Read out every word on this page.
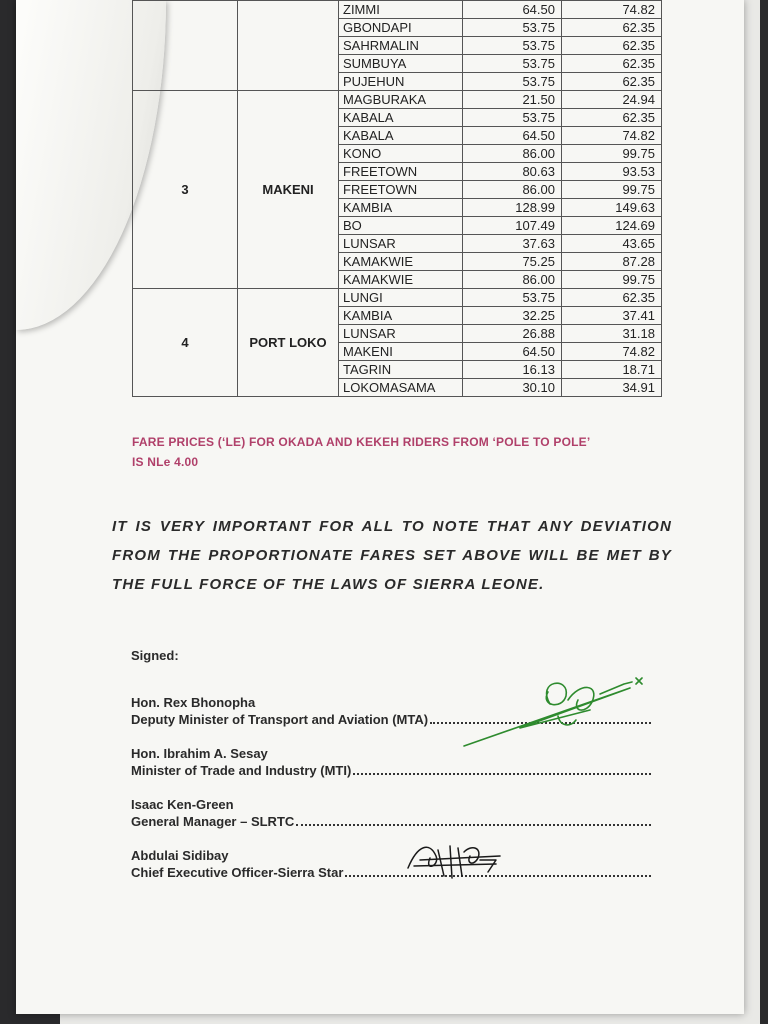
		ZIMMI	64.50	74.82
		GBONDAPI	53.75	62.35
		SAHRMALIN	53.75	62.35
		SUMBUYA	53.75	62.35
		PUJEHUN	53.75	62.35
3	MAKENI	MAGBURAKA	21.50	24.94
		KABALA	53.75	62.35
		KABALA	64.50	74.82
		KONO	86.00	99.75
		FREETOWN	80.63	93.53
		FREETOWN	86.00	99.75
		KAMBIA	128.99	149.63
		BO	107.49	124.69
		LUNSAR	37.63	43.65
		KAMAKWIE	75.25	87.28
		KAMAKWIE	86.00	99.75
4	PORT LOKO	LUNGI	53.75	62.35
		KAMBIA	32.25	37.41
		LUNSAR	26.88	31.18
		MAKENI	64.50	74.82
		TAGRIN	16.13	18.71
		LOKOMASAMA	30.10	34.91
FARE PRICES (‘LE) FOR OKADA AND KEKEH RIDERS FROM ‘POLE TO POLE’
IS NLe 4.00
IT IS VERY IMPORTANT FOR ALL TO NOTE THAT ANY DEVIATION FROM THE PROPORTIONATE FARES SET ABOVE WILL BE MET BY THE FULL FORCE OF THE LAWS OF SIERRA LEONE.
Signed:
Hon. Rex Bhonopha
Deputy Minister of Transport and Aviation (MTA)
Hon. Ibrahim A. Sesay
Minister of Trade and Industry (MTI)
Isaac Ken-Green
General Manager – SLRTC
Abdulai Sidibay
Chief Executive Officer-Sierra Star
